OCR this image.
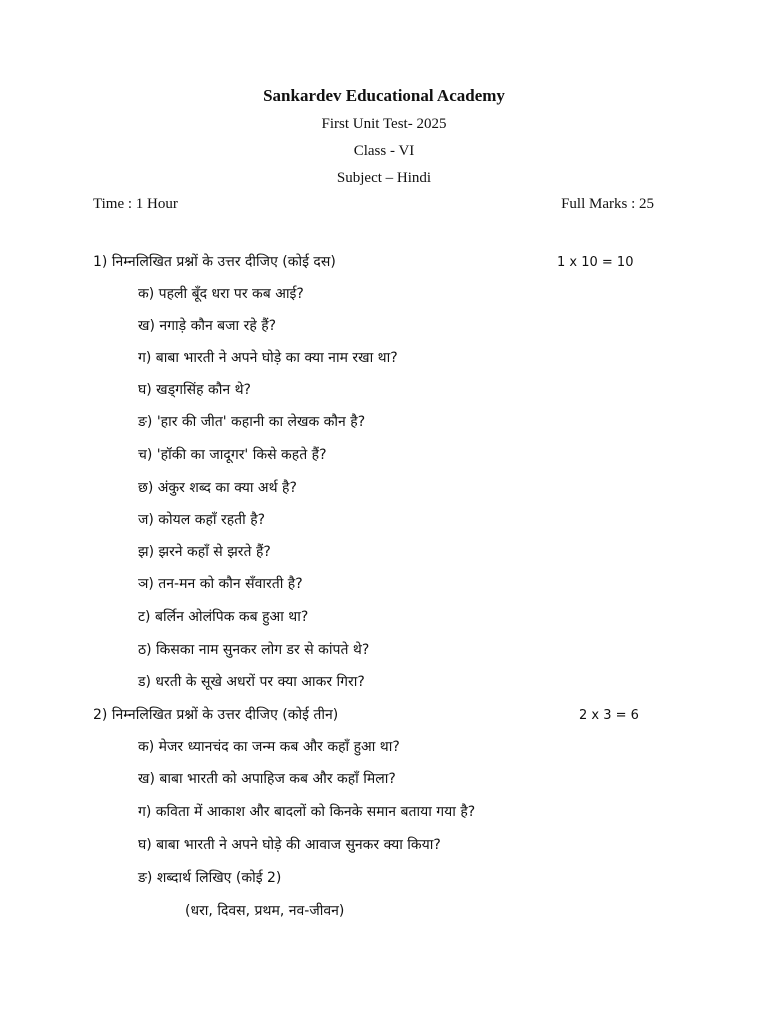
Sankardev Educational Academy
First Unit Test- 2025
Class - VI
Subject – Hindi
Time : 1 Hour	Full Marks : 25
1) निम्नलिखित प्रश्नों के उत्तर दीजिए (कोई दस)	1 x 10 = 10
क) पहली बूँद धरा पर कब आई?
ख) नगाड़े कौन बजा रहे हैं?
ग) बाबा भारती ने अपने घोड़े का क्या नाम रखा था?
घ) खड्गसिंह कौन थे?
ङ) 'हार की जीत' कहानी का लेखक कौन है?
च) 'हॉकी का जादूगर' किसे कहते हैं?
छ) अंकुर शब्द का क्या अर्थ है?
ज) कोयल कहाँ रहती है?
झ) झरने कहाँ से झरते हैं?
ञ) तन-मन को कौन सँवारती है?
ट) बर्लिन ओलंपिक कब हुआ था?
ठ) किसका नाम सुनकर लोग डर से कांपते थे?
ड) धरती के सूखे अधरों पर क्या आकर गिरा?
2) निम्नलिखित प्रश्नों के उत्तर दीजिए (कोई तीन)	2 x 3 = 6
क) मेजर ध्यानचंद का जन्म कब और कहाँ हुआ था?
ख) बाबा भारती को अपाहिज कब और कहाँ मिला?
ग) कविता में आकाश और बादलों को किनके समान बताया गया है?
घ) बाबा भारती ने अपने घोड़े की आवाज सुनकर क्या किया?
ङ) शब्दार्थ लिखिए (कोई 2)
(धरा, दिवस, प्रथम, नव-जीवन)
